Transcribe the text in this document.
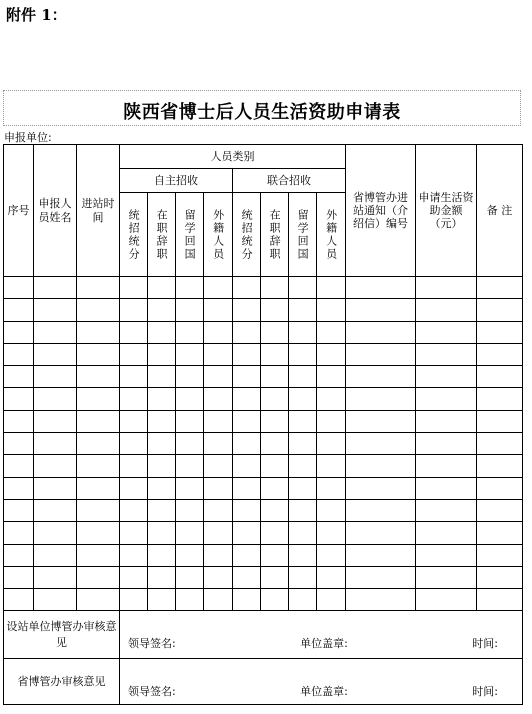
附件 1：
陕西省博士后人员生活资助申请表
申报单位:
序号	申报人员姓名	进站时间	人员类别								省博管办进站通知（介绍信）编号	申请生活资助金额（元）	备 注
			自主招收				联合招收						

			统招统分	在职辞职	留学回国	外籍人员	统招统分	在职辞职	留学回国	外籍人员			

设站单位博管办审核意见			领导签名: 单位盖章: 时间:										

省博管办审核意见			领导签名: 单位盖章: 时间:										
